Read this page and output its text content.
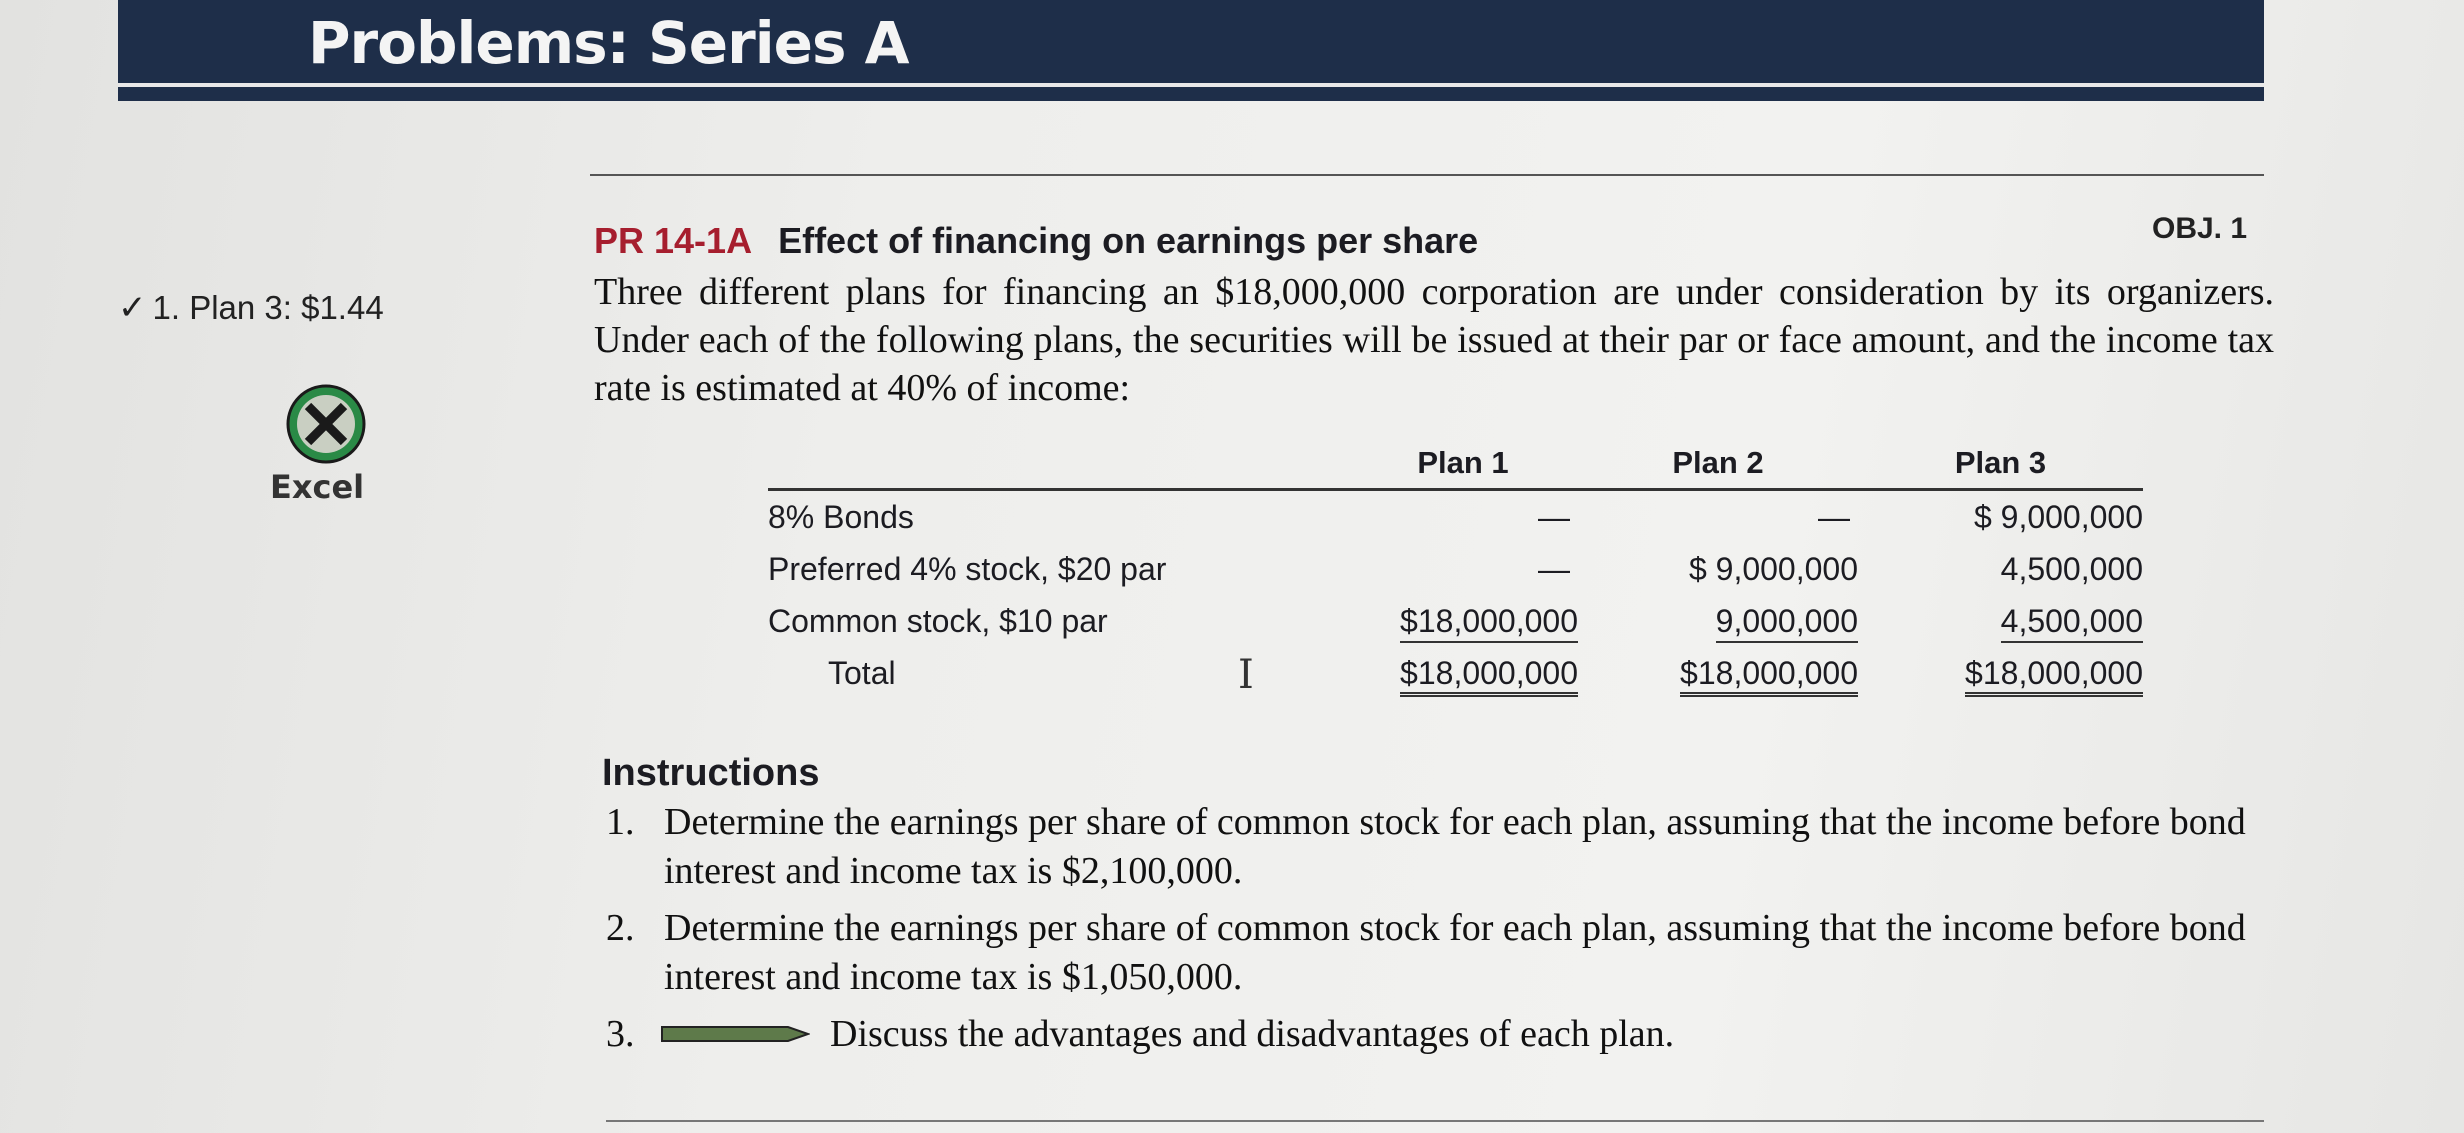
Problems: Series A
✓ 1. Plan 3: $1.44
Excel
PR 14-1A Effect of financing on earnings per share	OBJ. 1

Three different plans for financing an $18,000,000 corporation are under consideration by its organizers. Under each of the following plans, the securities will be issued at their par or face amount, and the income tax rate is estimated at 40% of income:

	Plan 1	Plan 2	Plan 3
8% Bonds	—	—	$ 9,000,000
Preferred 4% stock, $20 par	—	$ 9,000,000	4,500,000
Common stock, $10 par	$18,000,000	9,000,000	4,500,000
Total	$18,000,000	$18,000,000	$18,000,000
I
Instructions
1. Determine the earnings per share of common stock for each plan, assuming that the income before bond interest and income tax is $2,100,000.
2. Determine the earnings per share of common stock for each plan, assuming that the income before bond interest and income tax is $1,050,000.
3.	Discuss the advantages and disadvantages of each plan.
